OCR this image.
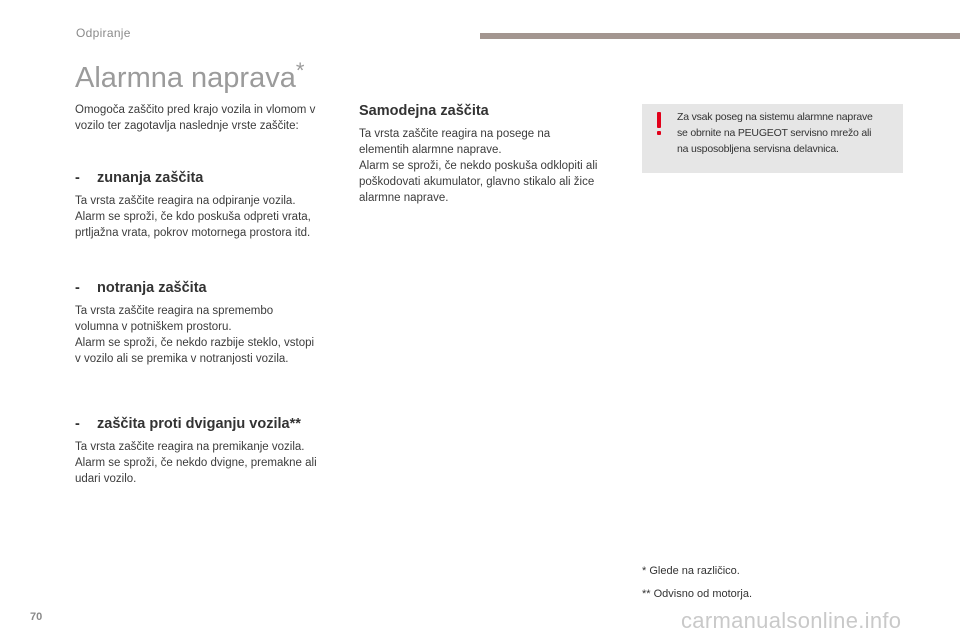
Odpiranje
Alarmna naprava*

Omogoča zaščito pred krajo vozila in vlomom v

vozilo ter zagotavlja naslednje vrste zaščite:

- zunanja zaščita

Ta vrsta zaščite reagira na odpiranje vozila.

Alarm se sproži, če kdo poskuša odpreti vrata,

prtljažna vrata, pokrov motornega prostora itd.

- notranja zaščita

Ta vrsta zaščite reagira na spremembo

volumna v potniškem prostoru.

Alarm se sproži, če nekdo razbije steklo, vstopi

v vozilo ali se premika v notranjosti vozila.

- zaščita proti dviganju vozila**

Ta vrsta zaščite reagira na premikanje vozila.

Alarm se sproži, če nekdo dvigne, premakne ali

udari vozilo.

Samodejna zaščita

Ta vrsta zaščite reagira na posege na

elementih alarmne naprave.

Alarm se sproži, če nekdo poskuša odklopiti ali

poškodovati akumulator, glavno stikalo ali žice

alarmne naprave.

Za vsak poseg na sistemu alarmne naprave
se obrnite na PEUGEOT servisno mrežo ali
na usposobljena servisna delavnica.
* Glede na različico.
** Odvisno od motorja.
70	carmanualsonline.info
